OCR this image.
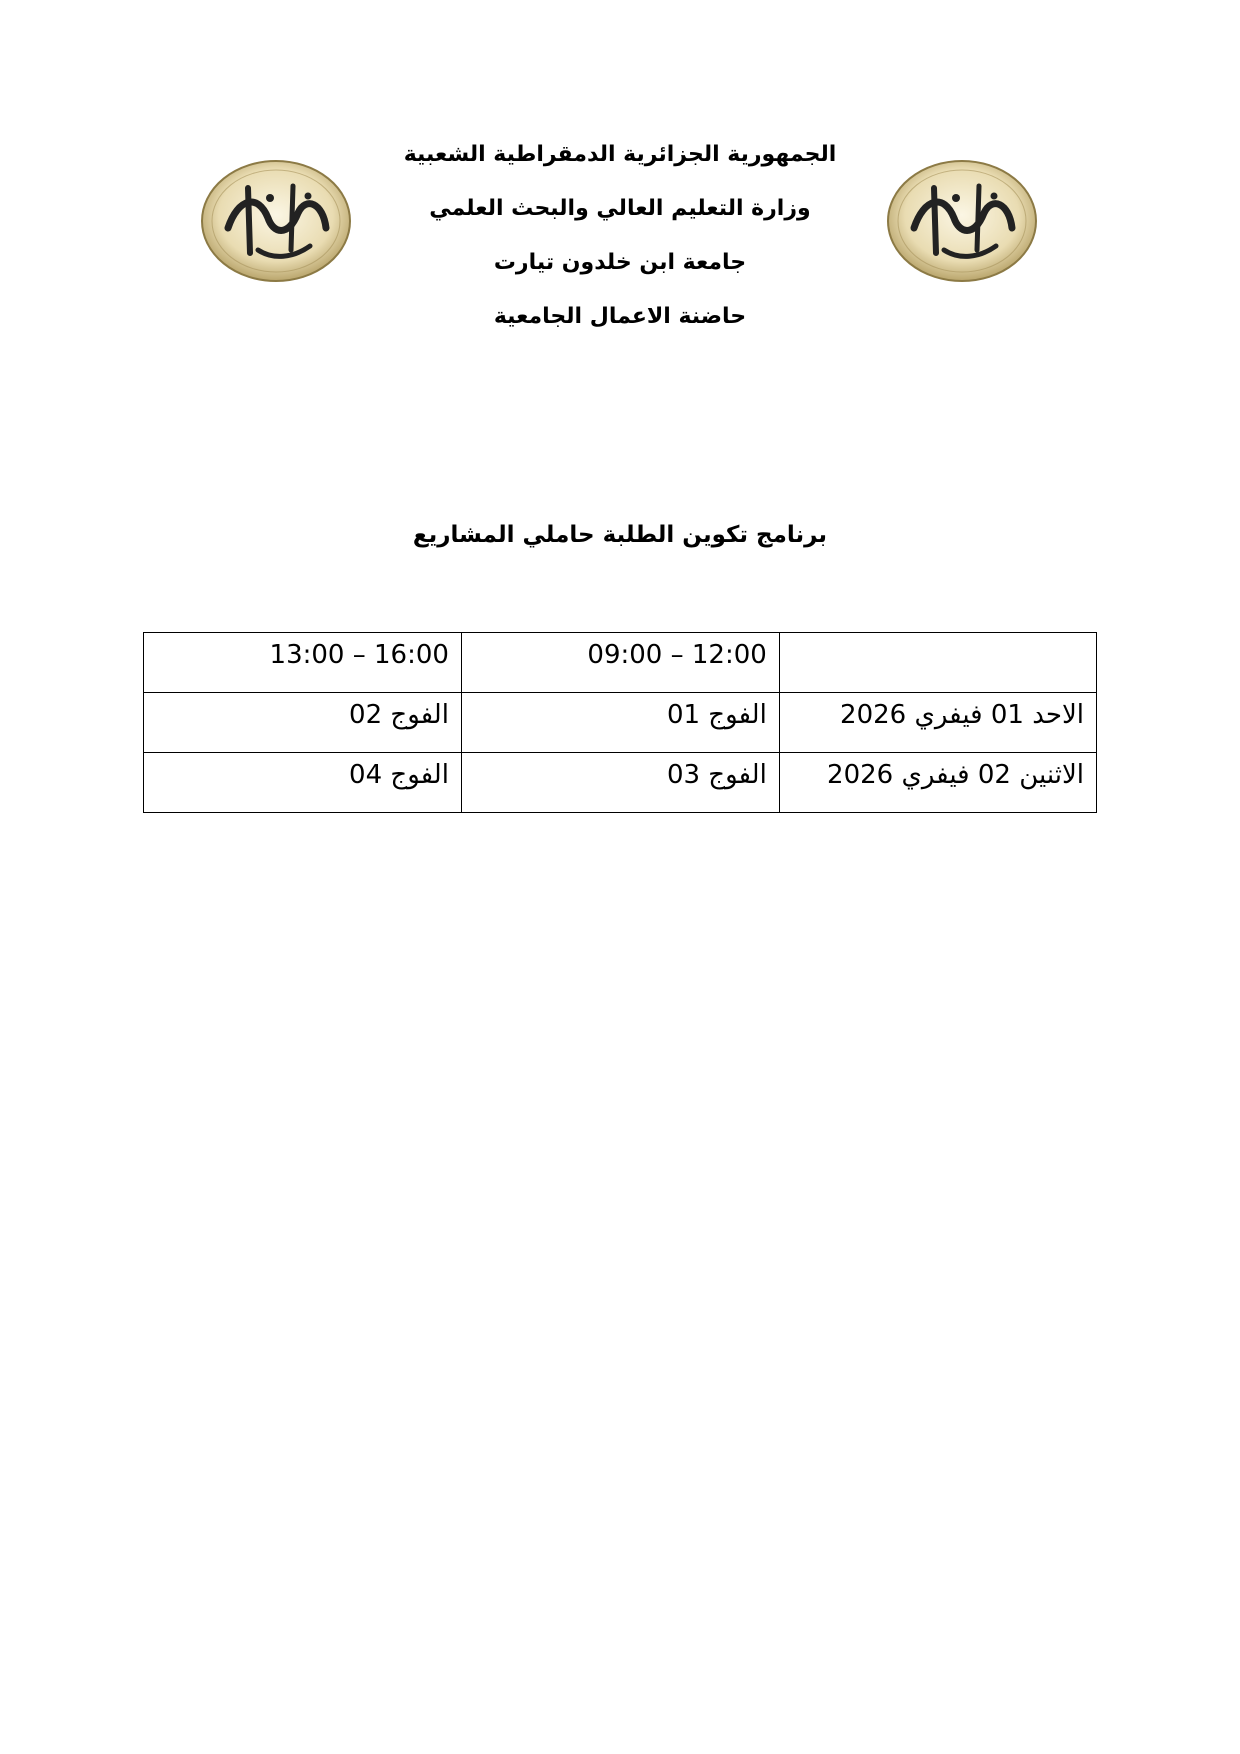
الجمهورية الجزائرية الدمقراطية الشعبية
وزارة التعليم العالي والبحث العلمي
جامعة ابن خلدون تيارت
حاضنة الاعمال الجامعية
برنامج تكوين الطلبة حاملي المشاريع
	09:00 – 12:00	13:00 – 16:00
الاحد 01 فيفري 2026	الفوج 01	الفوج 02
الاثنين 02 فيفري 2026	الفوج 03	الفوج 04
